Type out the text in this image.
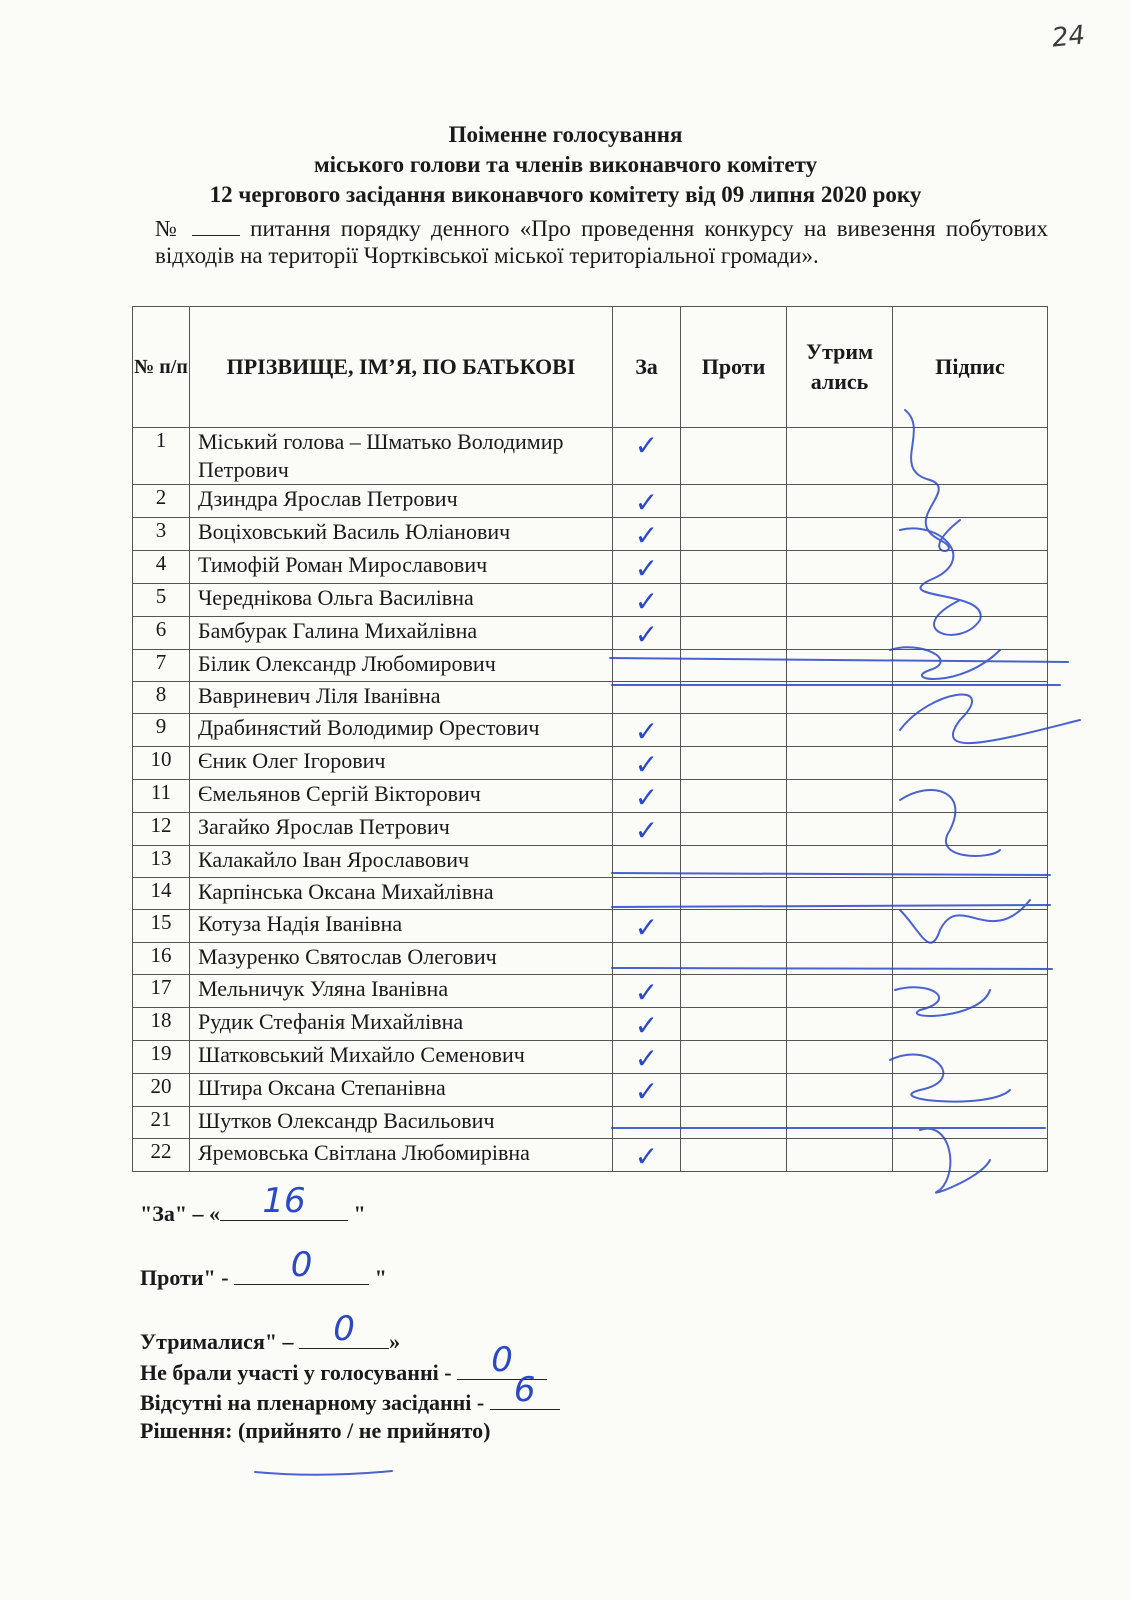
24
Поіменне голосування
міського голови та членів виконавчого комітету
12 чергового засідання виконавчого комітету від 09 липня 2020 року
№	питання порядку денного «Про проведення конкурсу на вивезення побутових відходів на території Чортківської міської територіальної громади».
№ п/п	ПРІЗВИЩЕ, ІМ’Я, ПО БАТЬКОВІ	За	Проти	Утрим ались	Підпис
1	Міський голова – Шматько Володимир Петрович	✓			

2	Дзиндра Ярослав Петрович	✓			

3	Воціховський Василь Юліанович	✓			

4	Тимофій Роман Мирославович	✓			

5	Череднікова Ольга Василівна	✓			

6	Бамбурак Галина Михайлівна	✓			

7	Білик Олександр Любомирович				
8	Вавриневич Ліля Іванівна				
9	Драбинястий Володимир Орестович	✓			

10	Єник Олег Ігорович	✓			

11	Ємельянов Сергій Вікторович	✓			

12	Загайко Ярослав Петрович	✓			

13	Калакайло Іван Ярославович				
14	Карпінська Оксана Михайлівна				
15	Котуза Надія Іванівна	✓			

16	Мазуренко Святослав Олегович				
17	Мельничук Уляна Іванівна	✓			

18	Рудик Стефанія Михайлівна	✓			

19	Шатковський Михайло Семенович	✓			

20	Штира Оксана Степанівна	✓			

21	Шутков Олександр Васильович				
22	Яремовська Світлана Любомирівна	✓			

"За" – «	16	"
Проти" -	0	"
Утрималися" –	0	»
Не брали участі у голосуванні -	0
Відсутні на пленарному засіданні - 6
Рішення: (прийнято / не прийнято)
